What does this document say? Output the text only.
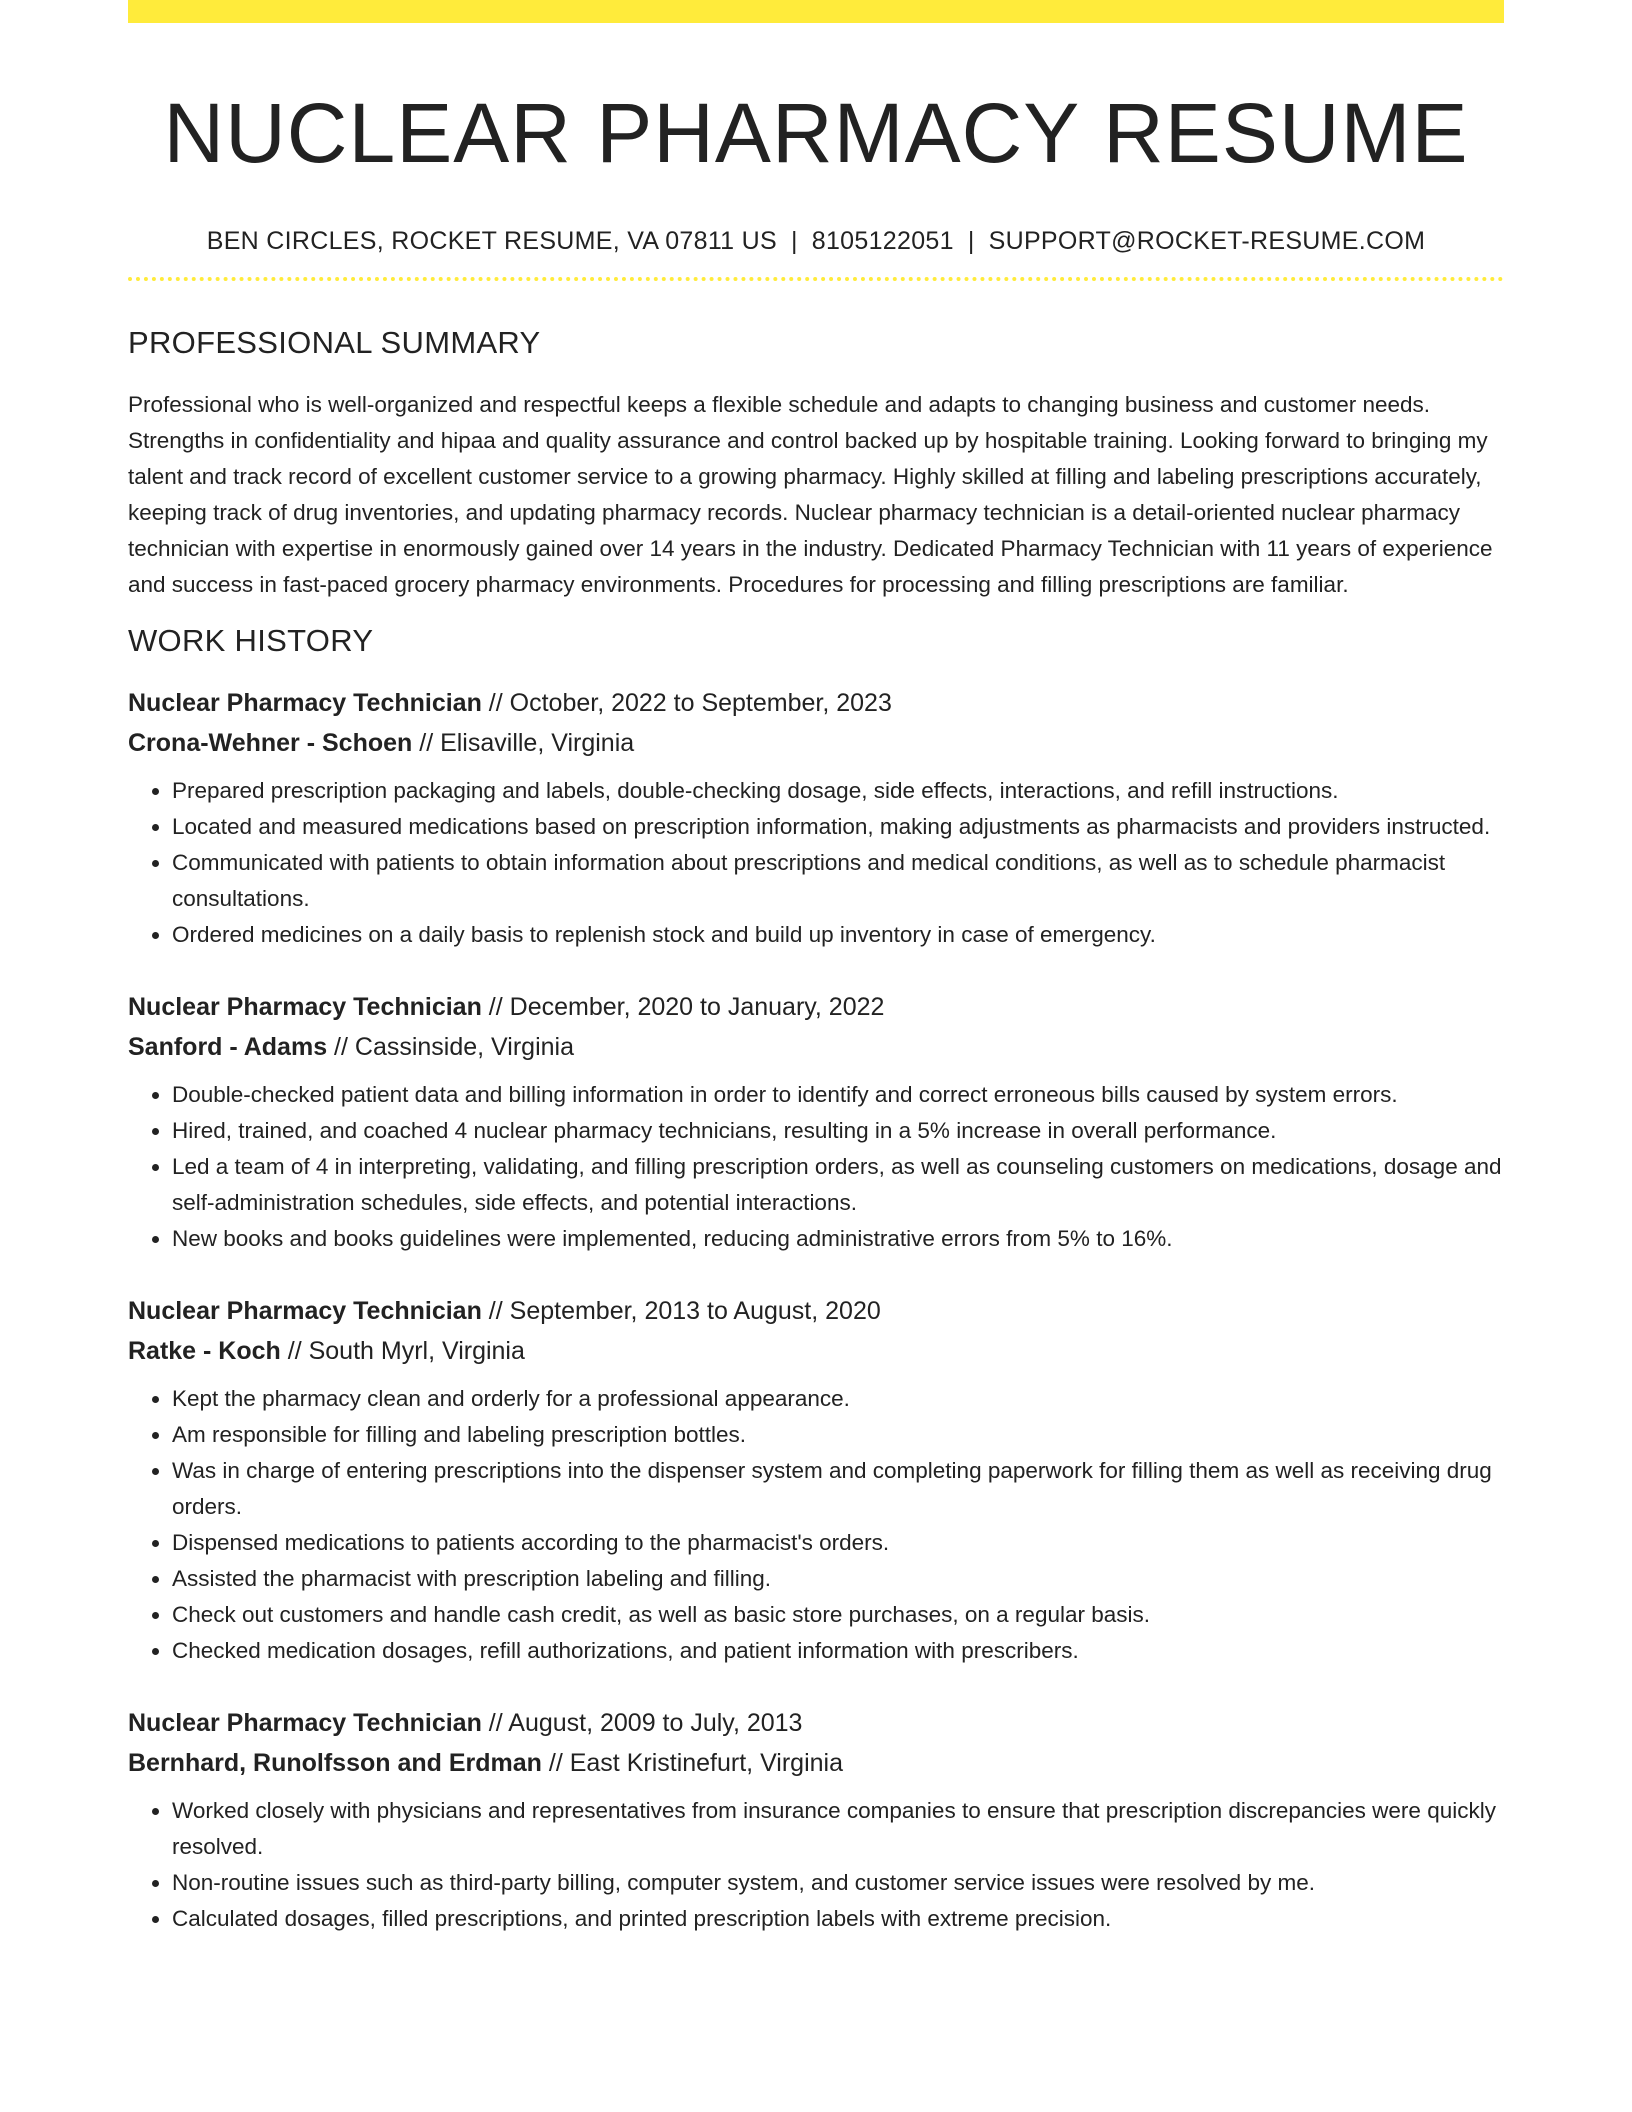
NUCLEAR PHARMACY RESUME
BEN CIRCLES, ROCKET RESUME, VA 07811 US | 8105122051 | SUPPORT@ROCKET-RESUME.COM
PROFESSIONAL SUMMARY
Professional who is well-organized and respectful keeps a flexible schedule and adapts to changing business and customer needs. Strengths in confidentiality and hipaa and quality assurance and control backed up by hospitable training. Looking forward to bringing my talent and track record of excellent customer service to a growing pharmacy. Highly skilled at filling and labeling prescriptions accurately, keeping track of drug inventories, and updating pharmacy records. Nuclear pharmacy technician is a detail-oriented nuclear pharmacy technician with expertise in enormously gained over 14 years in the industry. Dedicated Pharmacy Technician with 11 years of experience and success in fast-paced grocery pharmacy environments. Procedures for processing and filling prescriptions are familiar.
WORK HISTORY
Nuclear Pharmacy Technician // October, 2022 to September, 2023
Crona-Wehner - Schoen // Elisaville, Virginia
• Prepared prescription packaging and labels, double-checking dosage, side effects, interactions, and refill instructions.
• Located and measured medications based on prescription information, making adjustments as pharmacists and providers instructed.
• Communicated with patients to obtain information about prescriptions and medical conditions, as well as to schedule pharmacist consultations.
• Ordered medicines on a daily basis to replenish stock and build up inventory in case of emergency.
Nuclear Pharmacy Technician // December, 2020 to January, 2022
Sanford - Adams // Cassinside, Virginia
• Double-checked patient data and billing information in order to identify and correct erroneous bills caused by system errors.
• Hired, trained, and coached 4 nuclear pharmacy technicians, resulting in a 5% increase in overall performance.
• Led a team of 4 in interpreting, validating, and filling prescription orders, as well as counseling customers on medications, dosage and self-administration schedules, side effects, and potential interactions.
• New books and books guidelines were implemented, reducing administrative errors from 5% to 16%.
Nuclear Pharmacy Technician // September, 2013 to August, 2020
Ratke - Koch // South Myrl, Virginia
• Kept the pharmacy clean and orderly for a professional appearance.
• Am responsible for filling and labeling prescription bottles.
• Was in charge of entering prescriptions into the dispenser system and completing paperwork for filling them as well as receiving drug orders.
• Dispensed medications to patients according to the pharmacist's orders.
• Assisted the pharmacist with prescription labeling and filling.
• Check out customers and handle cash credit, as well as basic store purchases, on a regular basis.
• Checked medication dosages, refill authorizations, and patient information with prescribers.
Nuclear Pharmacy Technician // August, 2009 to July, 2013
Bernhard, Runolfsson and Erdman // East Kristinefurt, Virginia
• Worked closely with physicians and representatives from insurance companies to ensure that prescription discrepancies were quickly resolved.
• Non-routine issues such as third-party billing, computer system, and customer service issues were resolved by me.
• Calculated dosages, filled prescriptions, and printed prescription labels with extreme precision.
